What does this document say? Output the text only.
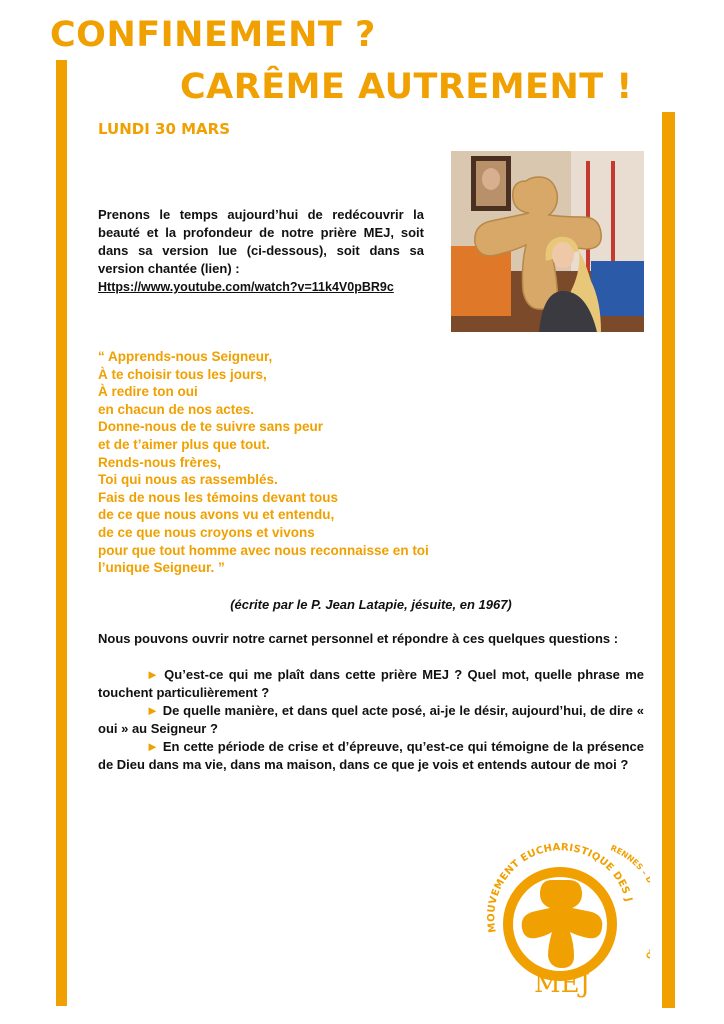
CONFINEMENT ?
CARÊME AUTREMENT !
LUNDI 30 MARS
Prenons le temps aujourd’hui de redécouvrir la beauté et la profondeur de notre prière MEJ, soit dans sa version lue (ci-dessous), soit dans sa version chantée (lien) :
Https://www.youtube.com/watch?v=11k4V0pBR9c
“ Apprends-nous Seigneur,
À te choisir tous les jours,
À redire ton oui
en chacun de nos actes.
Donne-nous de te suivre sans peur
et de t’aimer plus que tout.
Rends-nous frères,
Toi qui nous as rassemblés.
Fais de nous les témoins devant tous
de ce que nous avons vu et entendu,
de ce que nous croyons et vivons
pour que tout homme avec nous reconnaisse en toi
l’unique Seigneur. ”
(écrite par le P. Jean Latapie, jésuite, en 1967)

Nous pouvons ouvrir notre carnet personnel et répondre à ces quelques questions :

► Qu’est-ce qui me plaît dans cette prière MEJ ? Quel mot, quelle phrase me touchent particulièrement ?

► De quelle manière, et dans quel acte posé, ai-je le désir, aujourd’hui, de dire « oui » au Seigneur ?

► En cette période de crise et d’épreuve, qu’est-ce qui témoigne de la présence de Dieu dans ma vie, dans ma maison, dans ce que je vois et entends autour de moi ?

MOUVEMENT EUCHARISTIQUE DES J
RENNES –
MEJ
